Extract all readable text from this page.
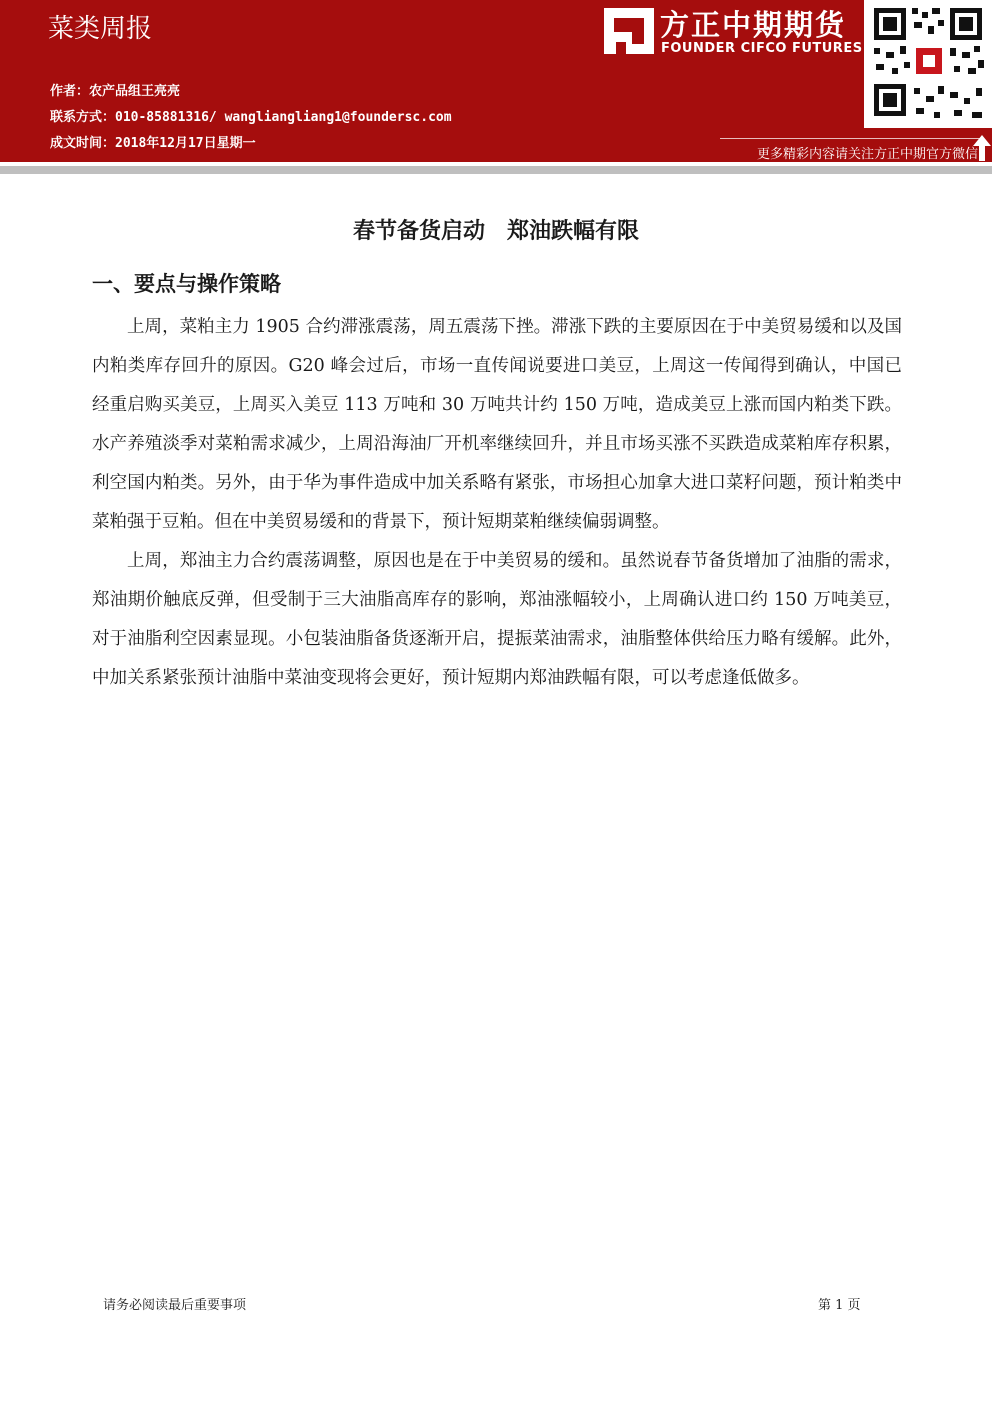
菜类周报
作者：农产品组王亮亮
联系方式：010-85881316/ wangliangliang1@foundersc.com
成文时间：2018年12月17日星期一
方正中期期货
FOUNDER CIFCO FUTURES
更多精彩内容请关注方正中期官方微信
春节备货启动　郑油跌幅有限
一、要点与操作策略

上周，菜粕主力 1905 合约滞涨震荡，周五震荡下挫。滞涨下跌的主要原因在于中美贸易缓和以及国内粕类库存回升的原因。G20 峰会过后，市场一直传闻说要进口美豆，上周这一传闻得到确认，中国已经重启购买美豆，上周买入美豆 113 万吨和 30 万吨共计约 150 万吨，造成美豆上涨而国内粕类下跌。水产养殖淡季对菜粕需求减少，上周沿海油厂开机率继续回升，并且市场买涨不买跌造成菜粕库存积累，利空国内粕类。另外，由于华为事件造成中加关系略有紧张，市场担心加拿大进口菜籽问题，预计粕类中菜粕强于豆粕。但在中美贸易缓和的背景下，预计短期菜粕继续偏弱调整。

上周，郑油主力合约震荡调整，原因也是在于中美贸易的缓和。虽然说春节备货增加了油脂的需求，郑油期价触底反弹，但受制于三大油脂高库存的影响，郑油涨幅较小，上周确认进口约 150 万吨美豆，对于油脂利空因素显现。小包装油脂备货逐渐开启，提振菜油需求，油脂整体供给压力略有缓解。此外，中加关系紧张预计油脂中菜油变现将会更好，预计短期内郑油跌幅有限，可以考虑逢低做多。

请务必阅读最后重要事项	第 1 页
